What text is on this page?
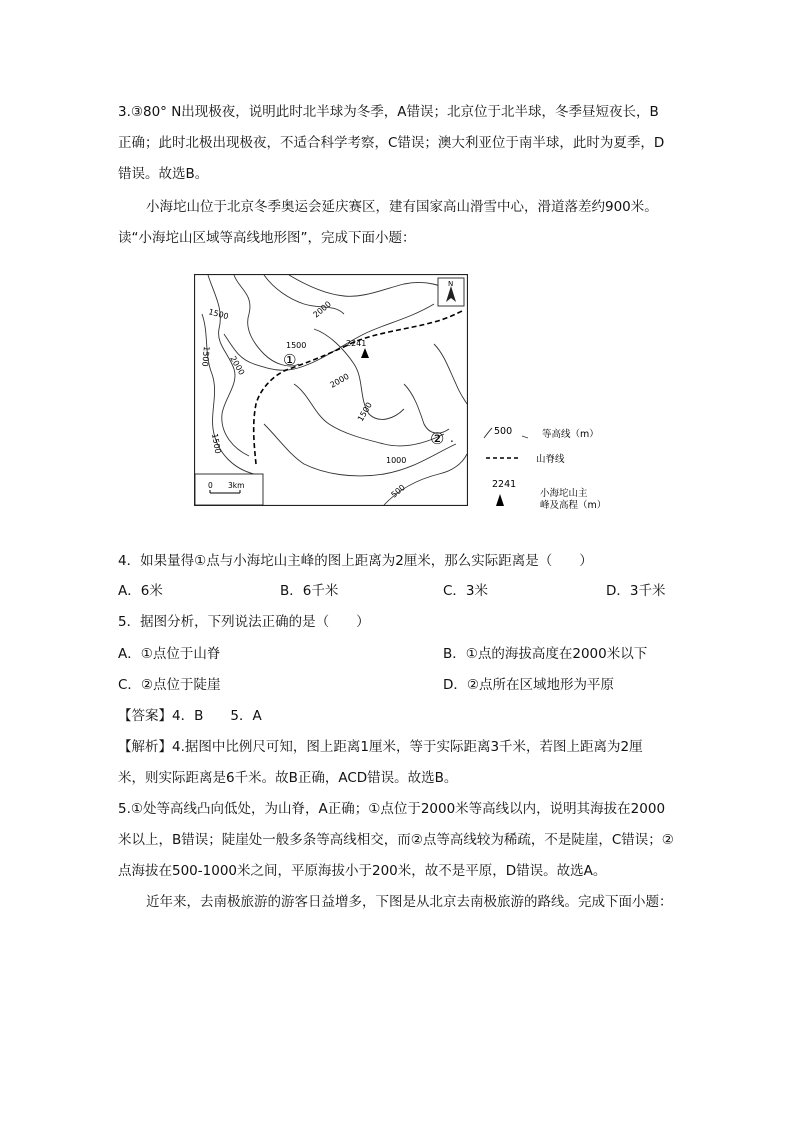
3.③80° N出现极夜，说明此时北半球为冬季，A错误；北京位于北半球，冬季昼短夜长，B
正确；此时北极出现极夜，不适合科学考察，C错误；澳大利亚位于南半球，此时为夏季，D
错误。故选B。
小海坨山位于北京冬季奥运会延庆赛区，建有国家高山滑雪中心，滑道落差约900米。
读“小海坨山区域等高线地形图”，完成下面小题：
2241
①
② .
1500	2000
1500
2000
1500
2000
1500
1000
500
1500
N
0 3km
500	等高线（m）
山脊线
2241
小海坨山主
峰及高程（m）
4．如果量得①点与小海坨山主峰的图上距离为2厘米，那么实际距离是（　　）
A．6米	B．6千米	C．3米	D．3千米
5．据图分析，下列说法正确的是（　　）
A．①点位于山脊	B．①点的海拔高度在2000米以下
C．②点位于陡崖	D．②点所在区域地形为平原
【答案】4．B　　5．A
【解析】4.据图中比例尺可知，图上距离1厘米，等于实际距离3千米，若图上距离为2厘
米，则实际距离是6千米。故B正确，ACD错误。故选B。
5.①处等高线凸向低处，为山脊，A正确；①点位于2000米等高线以内，说明其海拔在2000
米以上，B错误；陡崖处一般多条等高线相交，而②点等高线较为稀疏，不是陡崖，C错误；②
点海拔在500-1000米之间，平原海拔小于200米，故不是平原，D错误。故选A。
近年来，去南极旅游的游客日益增多，下图是从北京去南极旅游的路线。完成下面小题：
